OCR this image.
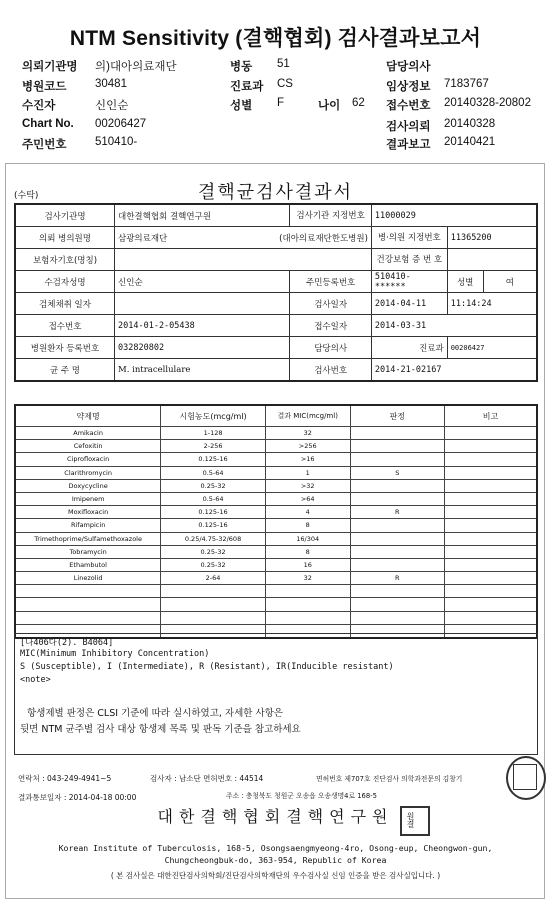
NTM Sensitivity (결핵협회) 검사결과보고서
의뢰기관명 의)대아의료재단
병원코드 30481
수진자	신인순
Chart No. 00206427
주민번호 510410-
병동 51
진료과 CS
성별 F	나이 62
담당의사
임상정보 7183767
접수번호 20140328-20802
검사의뢰 20140328
결과보고 20140421
(수탁)	결핵균검사결과서
검사기관명	대한결핵협회 결핵연구원	검사기관 지정번호	11000029		
의뢰 병의원명	삼광의료재단 (대아의료재단한도병원)		병·의원 지정번호	11365200	
보험자기호(명칭)			건강보험 증 번 호		
수검자성명	신인순	주민등록번호	510410- ******	성별	여
검체채취 일자		검사일자	2014-04-11	11:14:24	
접수번호	2014-01-2-05438	접수일자	2014-03-31		
병원환자 등록번호	032820802	담당의사	진료과	00206427	
균 주 명	M. intracellulare	검사번호	2014-21-02167		
약제명	시험농도(mcg/ml)	결과 MIC(mcg/ml)	판정	비고
Amikacin	1-128	32		
Cefoxitin	2-256	>256		
Ciprofloxacin	0.125-16	>16		
Clarithromycin	0.5-64	1	S	
Doxycycline	0.25-32	>32		
Imipenem	0.5-64	>64		
Moxifloxacin	0.125-16	4	R	
Rifampicin	0.125-16	8		
Trimethoprime/Sulfamethoxazole	0.25/4.75-32/608	16/304		
Tobramycin	0.25-32	8		
Ethambutol	0.25-32	16		
Linezolid	2-64	32	R	

[나406다(2). B4064]
MIC(Minimum Inhibitory Concentration)
S (Susceptible), I (Intermediate), R (Resistant), IR(Inducible resistant)
<note>
항생제별 판정은 CLSI 기준에 따라 실시하였고, 자세한 사항은
뒷면 NTM 균주별 검사 대상 항생제 목록 및 판독 기준을 참고하세요
연락처 : 043-249-4941~5	검사자 : 남소단 면허번호 : 44514	면허번호 제707호 진단검사 의학과전문의 김창기
결과통보일자 : 2014-04-18 00:00	주소 : 충청북도 청원군 오송읍 오송생명4로 168-5
대한결핵협회결핵연구원
Korean Institute of Tuberculosis, 168-5, Osongsaengmyeong-4ro, Osong-eup, Cheongwon-gun,
Chungcheongbuk-do, 363-954, Republic of Korea
( 본 검사실은 대한진단검사의학회/진단검사의학재단의 우수검사실 신임 인증을 받은 검사실입니다. )
원결
